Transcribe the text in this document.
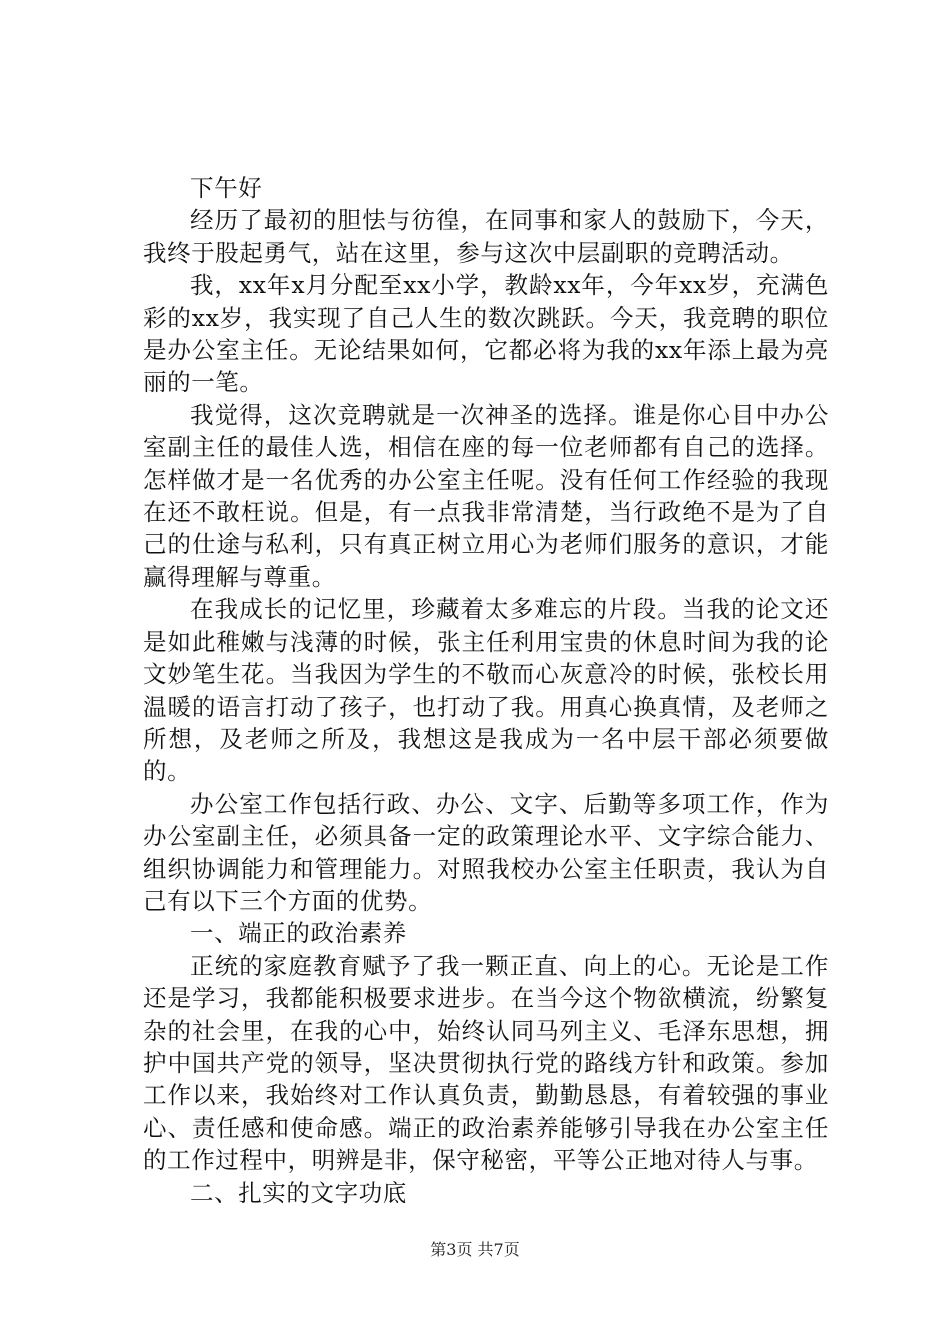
下午好

经历了最初的胆怯与彷徨，在同事和家人的鼓励下，今天，我终于股起勇气，站在这里，参与这次中层副职的竞聘活动。

我，xx年x月分配至xx小学，教龄xx年，今年xx岁，充满色彩的xx岁，我实现了自己人生的数次跳跃。今天，我竞聘的职位是办公室主任。无论结果如何，它都必将为我的xx年添上最为亮丽的一笔。

我觉得，这次竞聘就是一次神圣的选择。谁是你心目中办公室副主任的最佳人选，相信在座的每一位老师都有自己的选择。怎样做才是一名优秀的办公室主任呢。没有任何工作经验的我现在还不敢枉说。但是，有一点我非常清楚，当行政绝不是为了自己的仕途与私利，只有真正树立用心为老师们服务的意识，才能赢得理解与尊重。

在我成长的记忆里，珍藏着太多难忘的片段。当我的论文还是如此稚嫩与浅薄的时候，张主任利用宝贵的休息时间为我的论文妙笔生花。当我因为学生的不敬而心灰意冷的时候，张校长用温暖的语言打动了孩子，也打动了我。用真心换真情，及老师之所想，及老师之所及，我想这是我成为一名中层干部必须要做的。

办公室工作包括行政、办公、文字、后勤等多项工作，作为办公室副主任，必须具备一定的政策理论水平、文字综合能力、组织协调能力和管理能力。对照我校办公室主任职责，我认为自己有以下三个方面的优势。

一、端正的政治素养

正统的家庭教育赋予了我一颗正直、向上的心。无论是工作还是学习，我都能积极要求进步。在当今这个物欲横流，纷繁复杂的社会里，在我的心中，始终认同马列主义、毛泽东思想，拥护中国共产党的领导，坚决贯彻执行党的路线方针和政策。参加工作以来，我始终对工作认真负责，勤勤恳恳，有着较强的事业心、责任感和使命感。端正的政治素养能够引导我在办公室主任的工作过程中，明辨是非，保守秘密，平等公正地对待人与事。

二、扎实的文字功底

第3页 共7页
